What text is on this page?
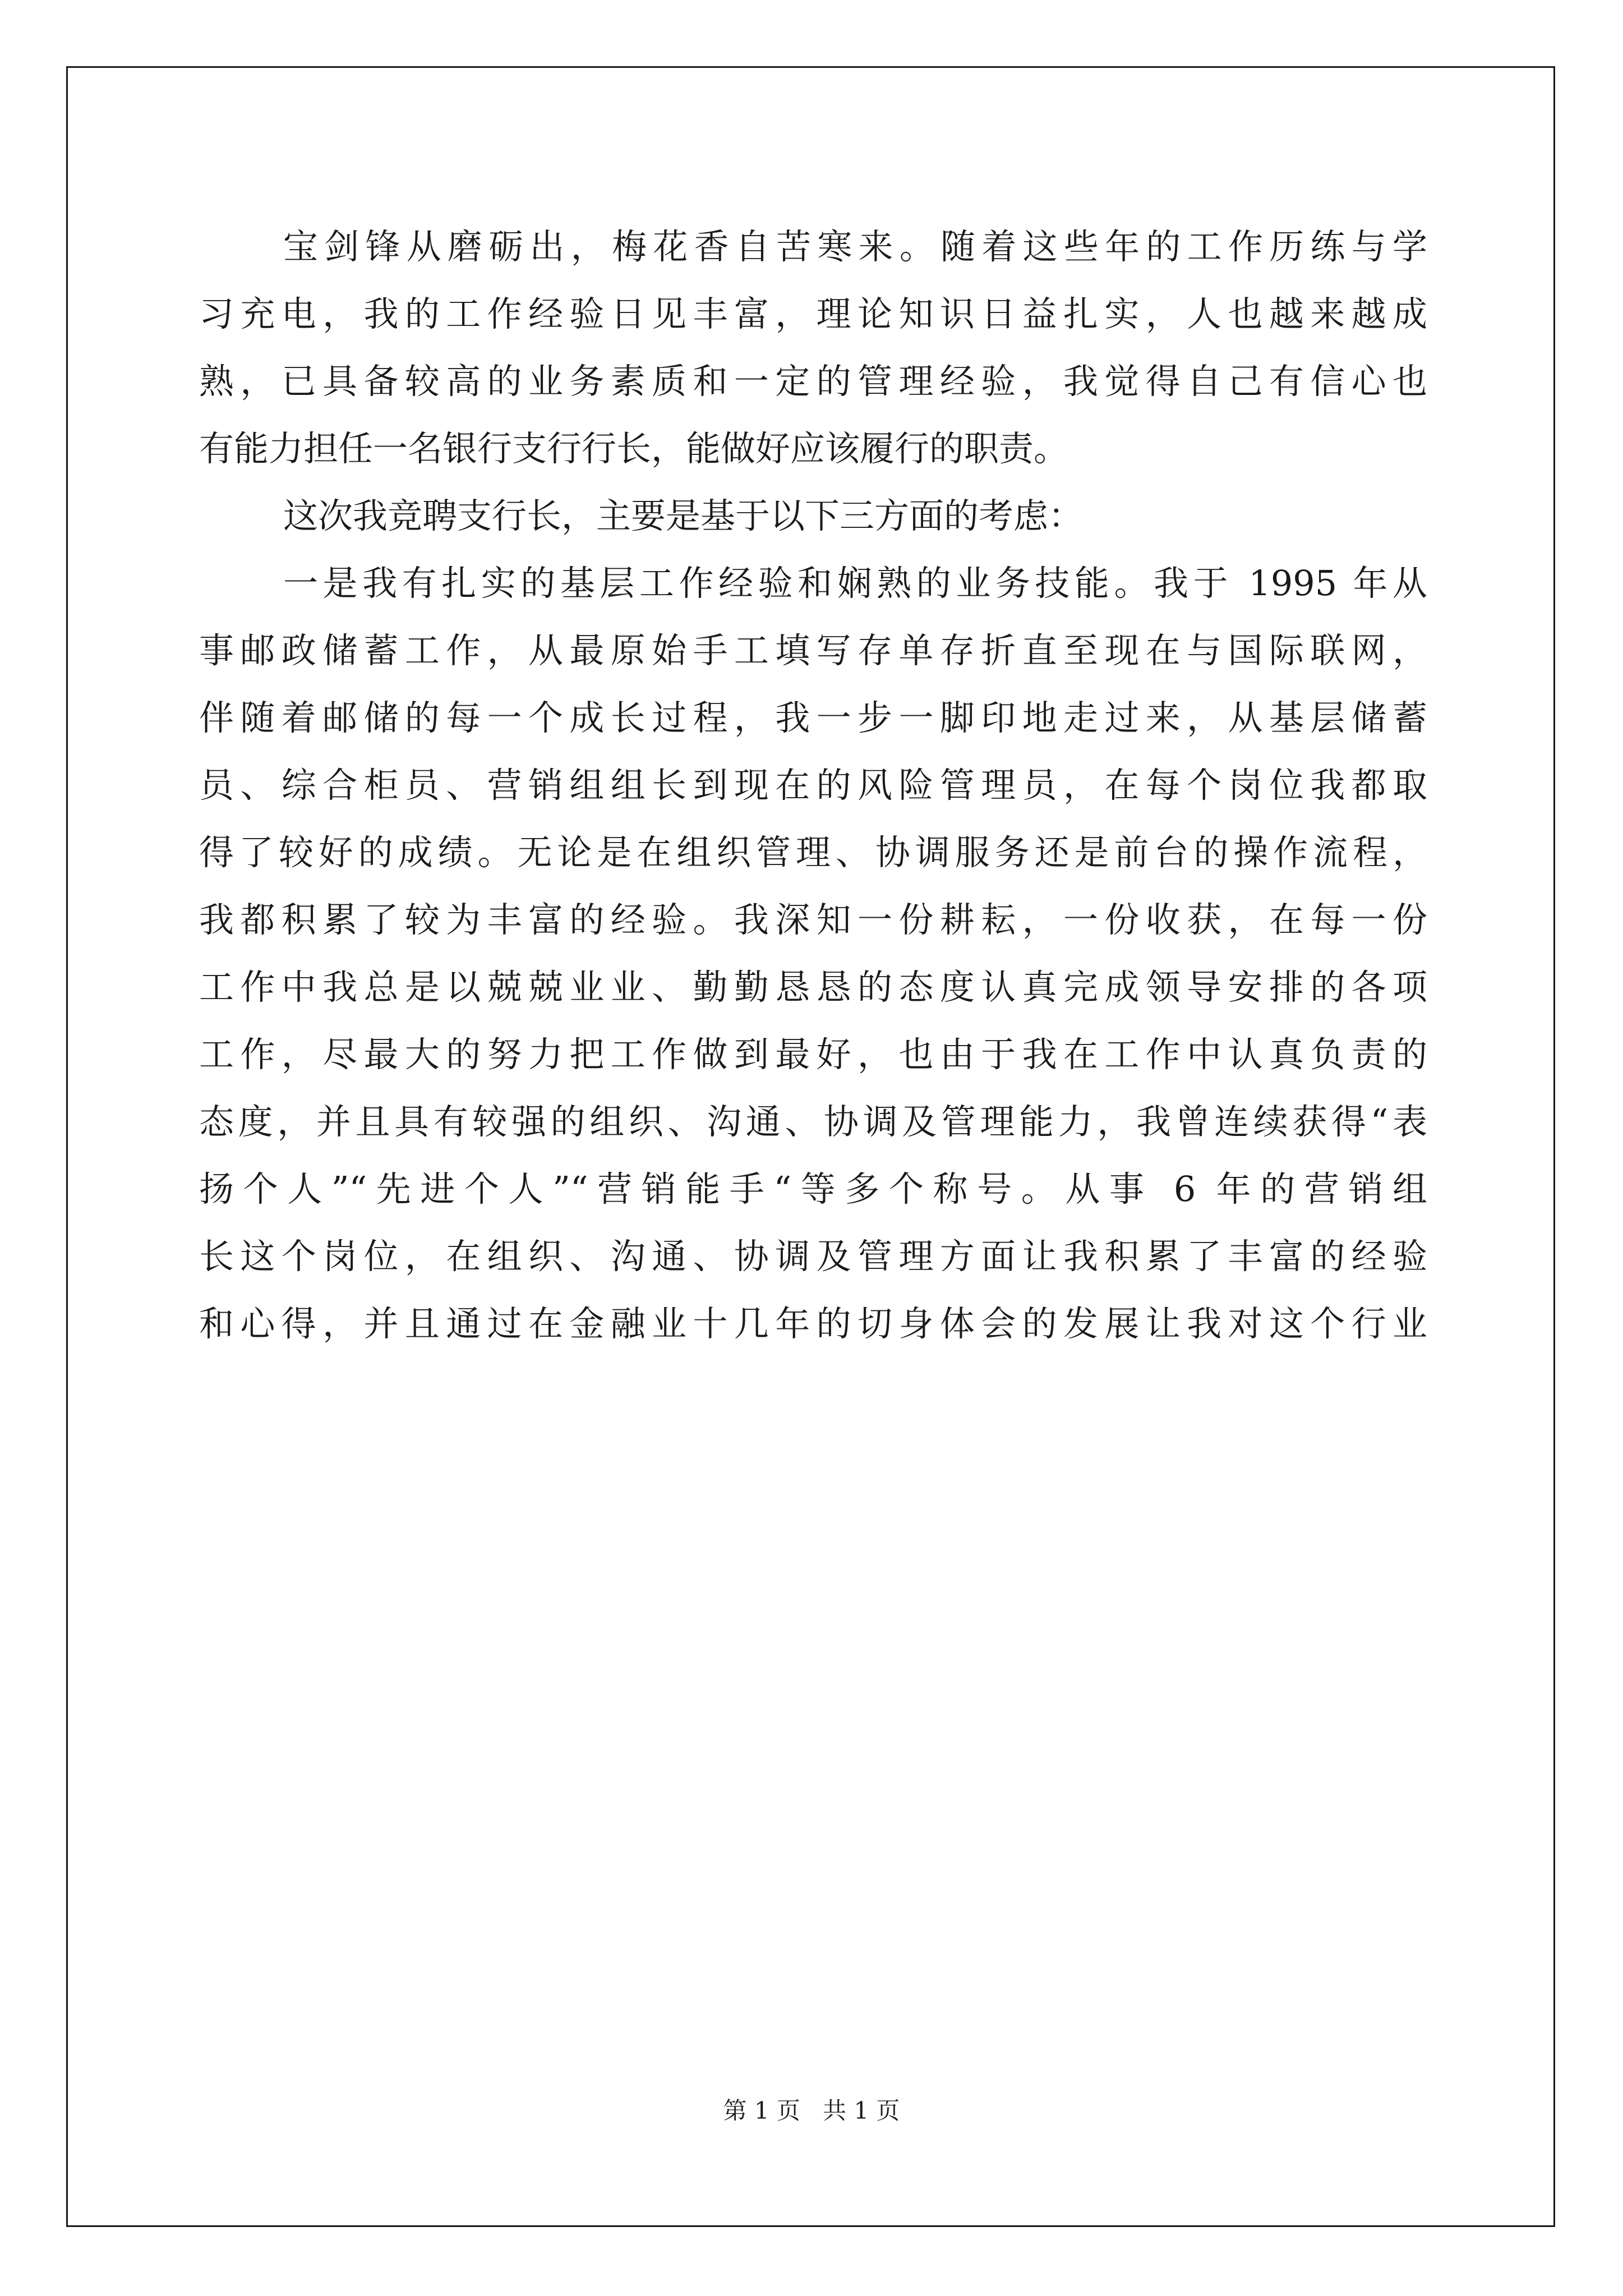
宝剑锋从磨砺出，梅花香自苦寒来。随着这些年的工作历练与学
习充电，我的工作经验日见丰富，理论知识日益扎实，人也越来越成
熟，已具备较高的业务素质和一定的管理经验，我觉得自己有信心也
有能力担任一名银行支行行长，能做好应该履行的职责。
这次我竞聘支行长，主要是基于以下三方面的考虑：
一是我有扎实的基层工作经验和娴熟的业务技能。我于 1995 年从
事邮政储蓄工作，从最原始手工填写存单存折直至现在与国际联网，
伴随着邮储的每一个成长过程，我一步一脚印地走过来，从基层储蓄
员、综合柜员、营销组组长到现在的风险管理员，在每个岗位我都取
得了较好的成绩。无论是在组织管理、协调服务还是前台的操作流程，
我都积累了较为丰富的经验。我深知一份耕耘，一份收获，在每一份
工作中我总是以兢兢业业、勤勤恳恳的态度认真完成领导安排的各项
工作，尽最大的努力把工作做到最好，也由于我在工作中认真负责的
态度，并且具有较强的组织、沟通、协调及管理能力，我曾连续获得“表
扬个人”“先进个人”“营销能手“等多个称号。从事 6 年的营销组
长这个岗位，在组织、沟通、协调及管理方面让我积累了丰富的经验
和心得，并且通过在金融业十几年的切身体会的发展让我对这个行业
第 1 页 共 1 页
